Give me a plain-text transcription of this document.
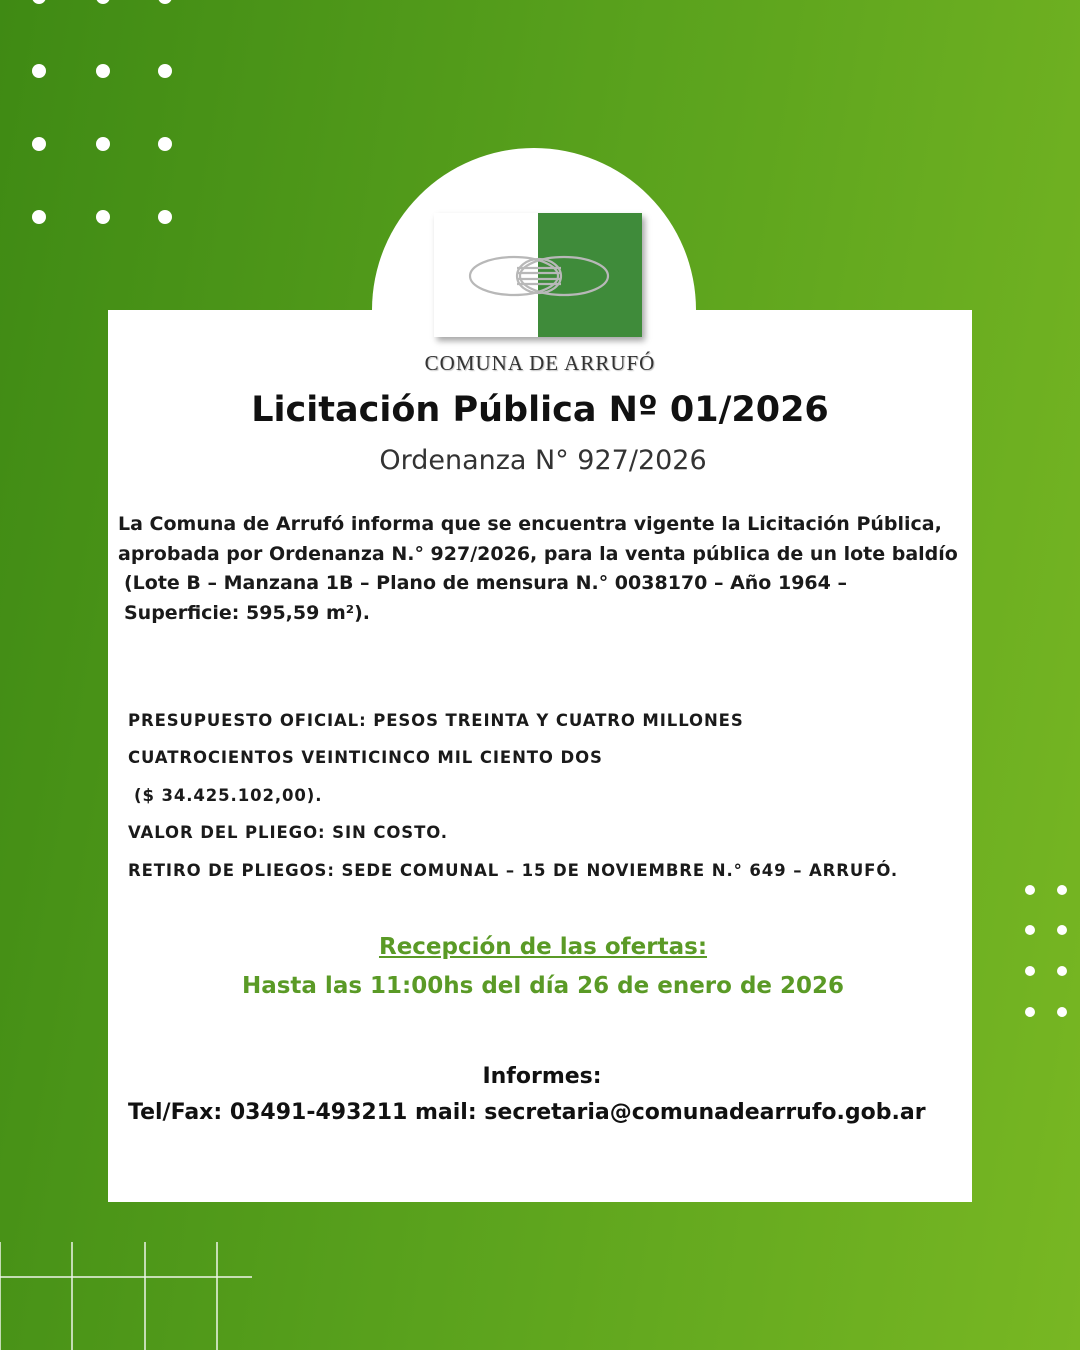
COMUNA DE ARRUFÓ
Licitación Pública Nº 01/2026
Ordenanza N° 927/2026

La Comuna de Arrufó informa que se encuentra vigente la Licitación Pública, aprobada por Ordenanza N.° 927/2026, para la venta pública de un lote baldío

(Lote B – Manzana 1B – Plano de mensura N.° 0038170 – Año 1964 – Superficie: 595,59 m²).

PRESUPUESTO OFICIAL: PESOS TREINTA Y CUATRO MILLONES

CUATROCIENTOS VEINTICINCO MIL CIENTO DOS

($ 34.425.102,00).

VALOR DEL PLIEGO: SIN COSTO.

RETIRO DE PLIEGOS: SEDE COMUNAL – 15 DE NOVIEMBRE N.° 649 – ARRUFÓ.

Recepción de las ofertas:
Hasta las 11:00hs del día 26 de enero de 2026
Informes:
Tel/Fax: 03491-493211 mail: secretaria@comunadearrufo.gob.ar
